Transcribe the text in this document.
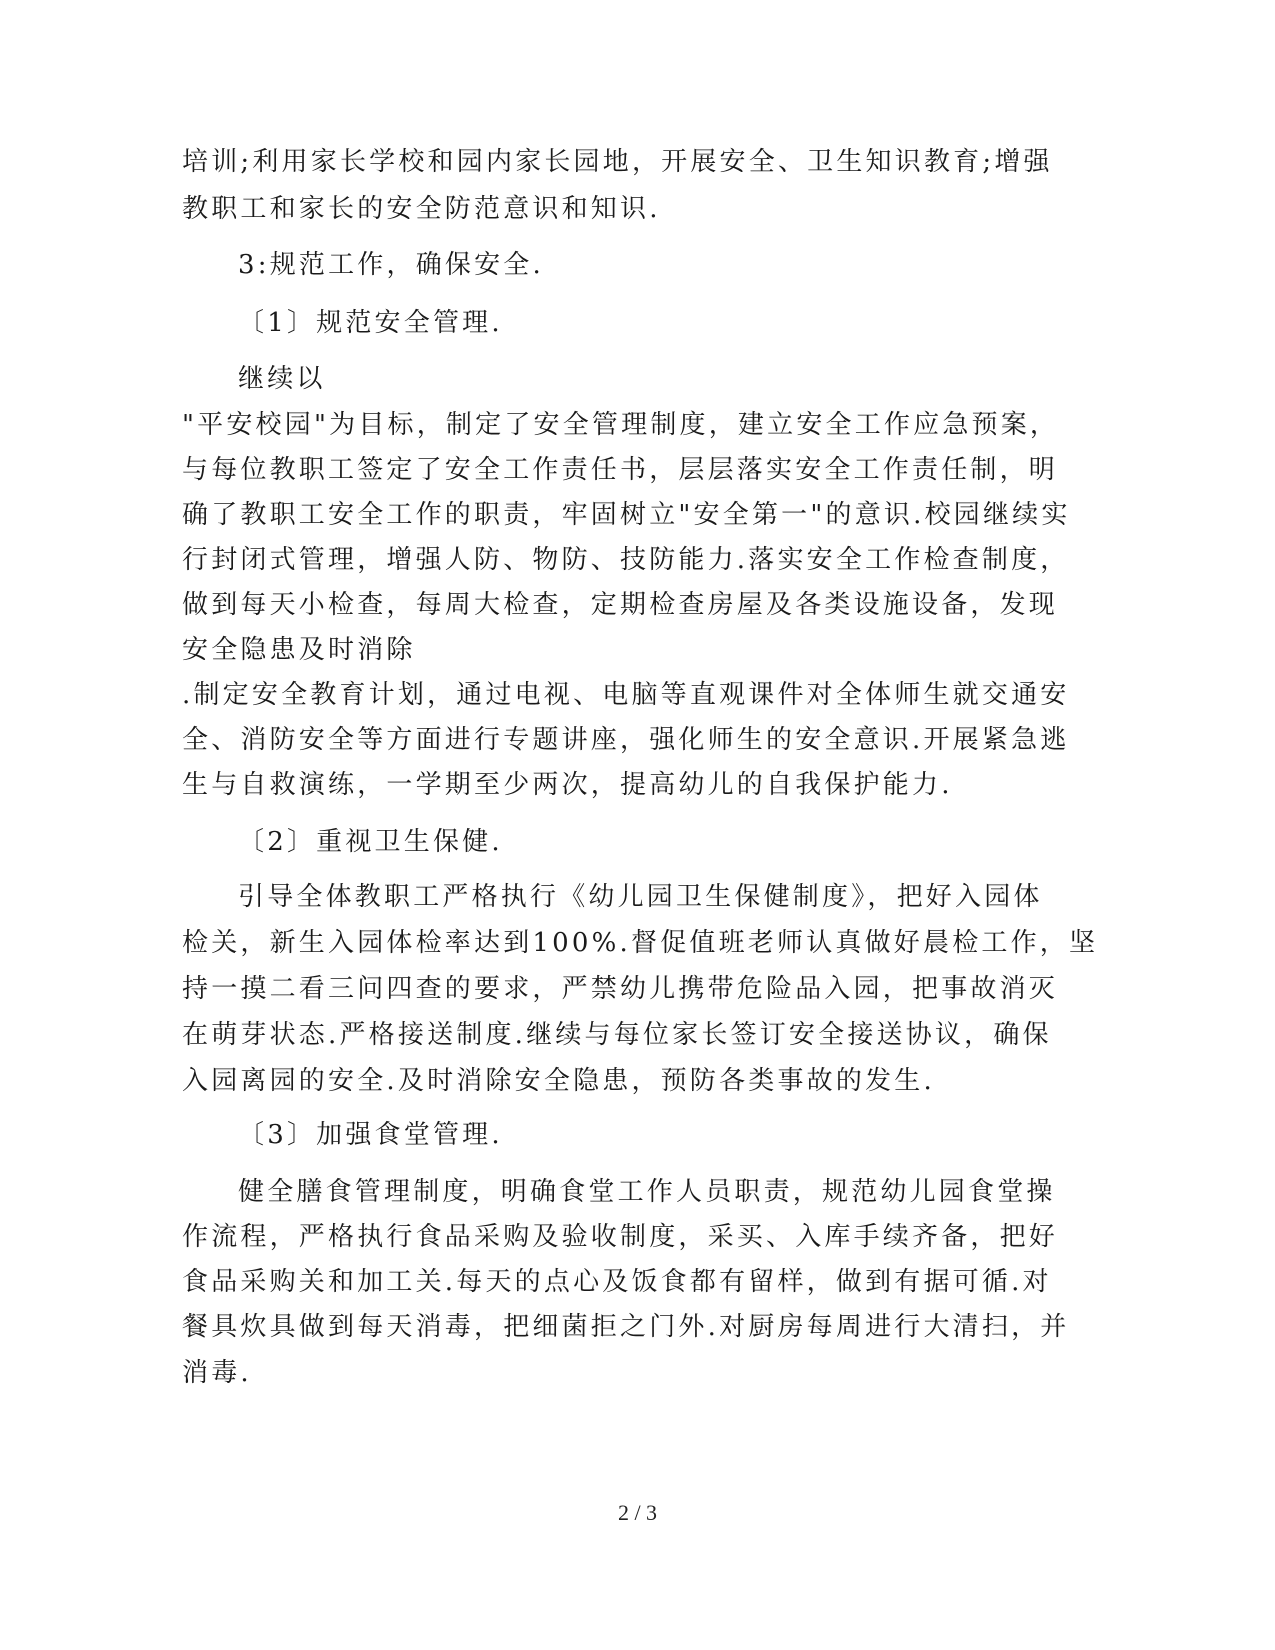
培训;利用家长学校和园内家长园地，开展安全、卫生知识教育;增强
教职工和家长的安全防范意识和知识.
3:规范工作，确保安全.
〔1〕规范安全管理.
继续以
"平安校园"为目标，制定了安全管理制度，建立安全工作应急预案，
与每位教职工签定了安全工作责任书，层层落实安全工作责任制，明
确了教职工安全工作的职责，牢固树立"安全第一"的意识.校园继续实
行封闭式管理，增强人防、物防、技防能力.落实安全工作检查制度，
做到每天小检查，每周大检查，定期检查房屋及各类设施设备，发现
安全隐患及时消除
.制定安全教育计划，通过电视、电脑等直观课件对全体师生就交通安
全、消防安全等方面进行专题讲座，强化师生的安全意识.开展紧急逃
生与自救演练，一学期至少两次，提高幼儿的自我保护能力.
〔2〕重视卫生保健.
引导全体教职工严格执行《幼儿园卫生保健制度》，把好入园体
检关，新生入园体检率达到100%.督促值班老师认真做好晨检工作，坚
持一摸二看三问四查的要求，严禁幼儿携带危险品入园，把事故消灭
在萌芽状态.严格接送制度.继续与每位家长签订安全接送协议，确保
入园离园的安全.及时消除安全隐患，预防各类事故的发生.
〔3〕加强食堂管理.
健全膳食管理制度，明确食堂工作人员职责，规范幼儿园食堂操
作流程，严格执行食品采购及验收制度，采买、入库手续齐备，把好
食品采购关和加工关.每天的点心及饭食都有留样，做到有据可循.对
餐具炊具做到每天消毒，把细菌拒之门外.对厨房每周进行大清扫，并
消毒.
2 / 3
